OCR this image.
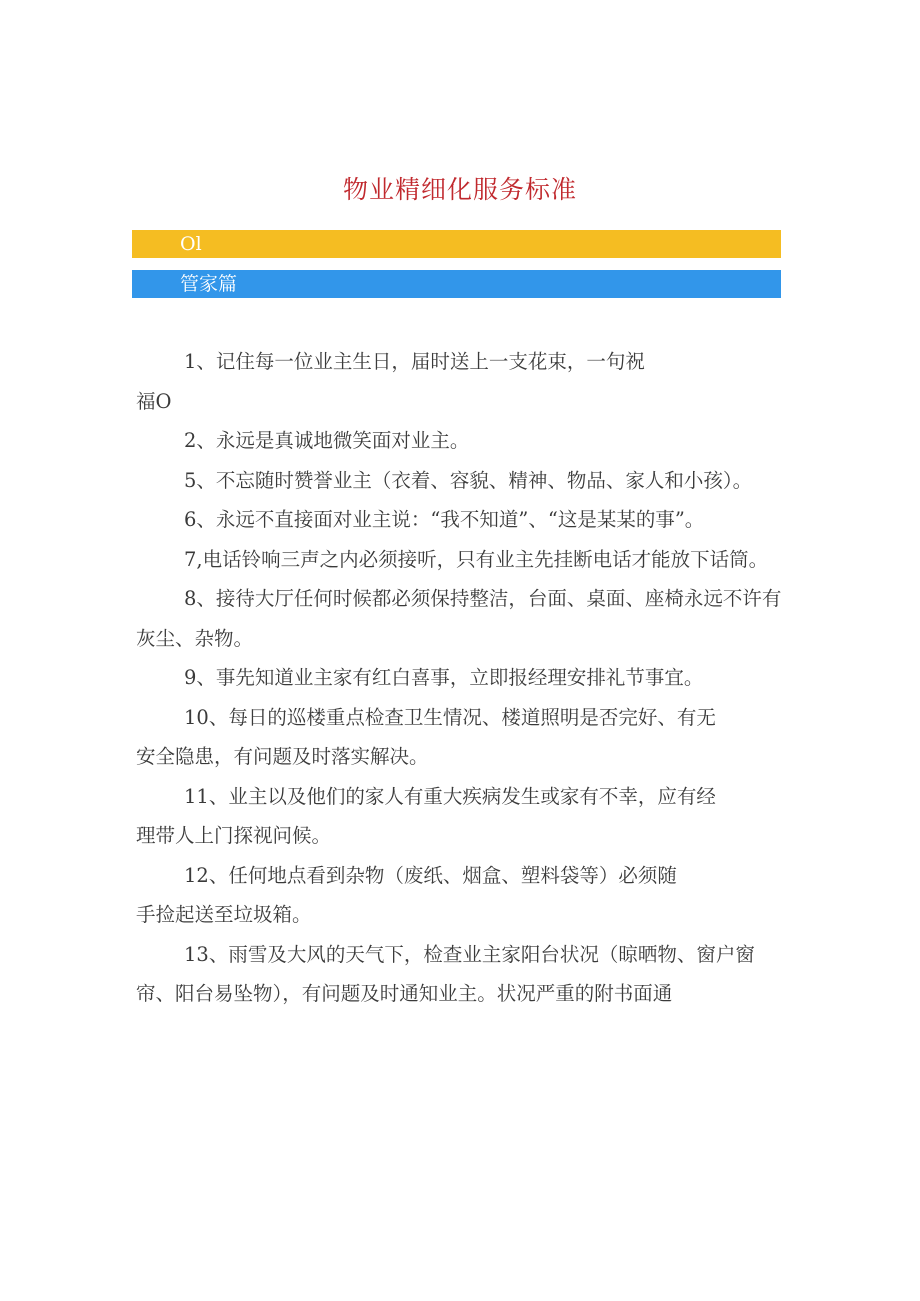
物业精细化服务标准
Ol
管家篇

1、记住每一位业主生日，届时送上一支花束，一句祝
福O

2、永远是真诚地微笑面对业主。

5、不忘随时赞誉业主（衣着、容貌、精神、物品、家人和小孩）。

6、永远不直接面对业主说：“我不知道”、“这是某某的事”。

7,电话铃响三声之内必须接听，只有业主先挂断电话才能放下话筒。

8、接待大厅任何时候都必须保持整洁，台面、桌面、座椅永远不许有灰尘、杂物。

9、事先知道业主家有红白喜事，立即报经理安排礼节事宜。

10、每日的巡楼重点检查卫生情况、楼道照明是否完好、有无
安全隐患，有问题及时落实解决。

11、业主以及他们的家人有重大疾病发生或家有不幸，应有经
理带人上门探视问候。

12、任何地点看到杂物（废纸、烟盒、塑料袋等）必须随
手捡起送至垃圾箱。

13、雨雪及大风的天气下，检查业主家阳台状况（晾晒物、窗户窗帘、阳台易坠物），有问题及时通知业主。状况严重的附书面通
